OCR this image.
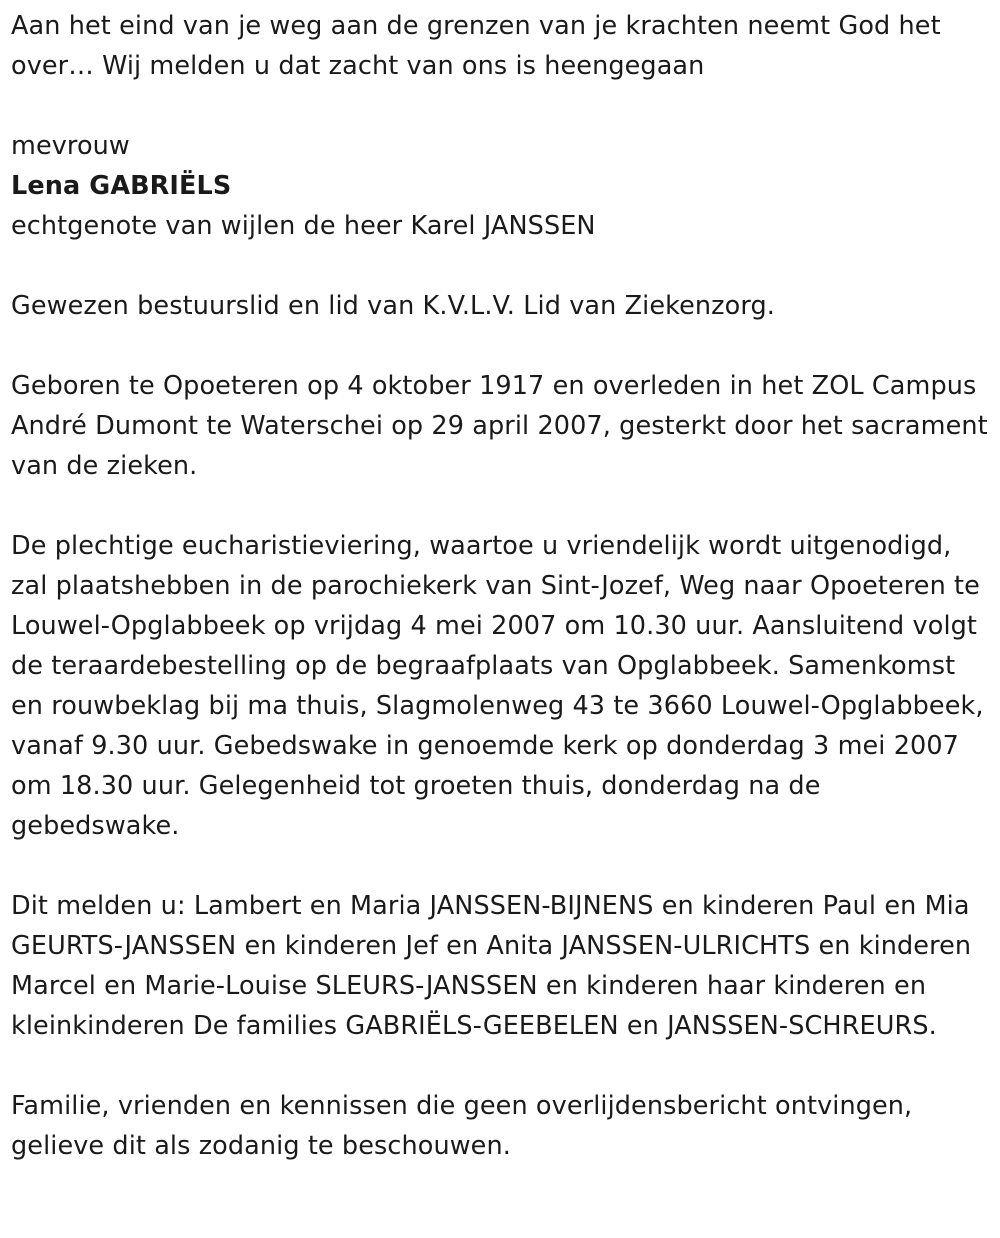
Aan het eind van je weg aan de grenzen van je krachten neemt God het over… Wij melden u dat zacht van ons is heengegaan

mevrouw

Lena GABRIËLS

echtgenote van wijlen de heer Karel JANSSEN

Gewezen bestuurslid en lid van K.V.L.V. Lid van Ziekenzorg.

Geboren te Opoeteren op 4 oktober 1917 en overleden in het ZOL Campus André Dumont te Waterschei op 29 april 2007, gesterkt door het sacrament van de zieken.

De plechtige eucharistieviering, waartoe u vriendelijk wordt uitgenodigd, zal plaatshebben in de parochiekerk van Sint-Jozef, Weg naar Opoeteren te Louwel-Opglabbeek op vrijdag 4 mei 2007 om 10.30 uur. Aansluitend volgt de teraardebestelling op de begraafplaats van Opglabbeek. Samenkomst en rouwbeklag bij ma thuis, Slagmolenweg 43 te 3660 Louwel-Opglabbeek, vanaf 9.30 uur. Gebedswake in genoemde kerk op donderdag 3 mei 2007 om 18.30 uur. Gelegenheid tot groeten thuis, donderdag na de gebedswake.

Dit melden u: Lambert en Maria JANSSEN-BIJNENS en kinderen Paul en Mia GEURTS-JANSSEN en kinderen Jef en Anita JANSSEN-ULRICHTS en kinderen Marcel en Marie-Louise SLEURS-JANSSEN en kinderen haar kinderen en kleinkinderen De families GABRIËLS-GEEBELEN en JANSSEN-SCHREURS.

Familie, vrienden en kennissen die geen overlijdensbericht ontvingen, gelieve dit als zodanig te beschouwen.
